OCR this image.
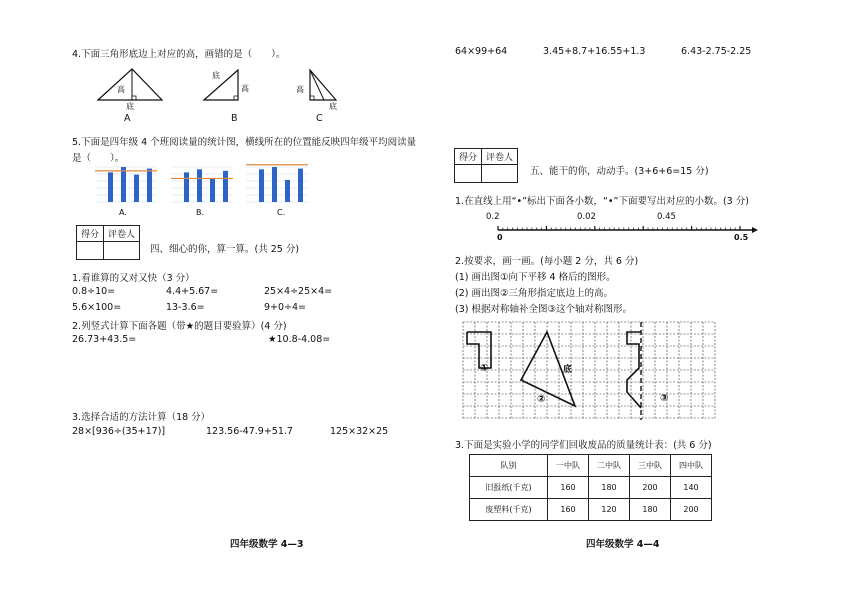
4.下面三角形底边上对应的高，画错的是（　　）。
高
底
A
底
高
B
高
底
C
5.下面是四年级 4 个班阅读量的统计图，横线所在的位置能反映四年级平均阅读量
是（　　）。
A.	B.	C.
得分	评卷人

四、细心的你，算一算。(共 25 分)
1.看谁算的又对又快（3 分）
0.8÷10=	4.4+5.67=	25×4÷25×4=
5.6×100=	13-3.6=	9+0÷4=
2.列竖式计算下面各题（带★的题目要验算）(4 分)
26.73+43.5=	★10.8-4.08=
3.选择合适的方法计算（18 分）
28×[936÷(35+17)]	123.56-47.9+51.7	125×32×25
四年级数学 4—3
64×99+64	3.45+8.7+16.55+1.3	6.43-2.75-2.25
得分	评卷人

五、能干的你，动动手。(3+6+6=15 分)
1.在直线上用“•”标出下面各小数，“•”下面要写出对应的小数。(3 分)
0.2	0.02	0.45
0	0.5
2.按要求，画一画。(每小题 2 分，共 6 分)
(1) 画出图①向下平移 4 格后的图形。
(2) 画出图②三角形指定底边上的高。
(3) 根据对称轴补全图③这个轴对称图形。
①
②
底
③
3.下面是实验小学的同学们回收废品的质量统计表：(共 6 分)
队别	一中队	二中队	三中队	四中队
旧报纸(千克)	160	180	200	140
废塑料(千克)	160	120	180	200
四年级数学 4—4
